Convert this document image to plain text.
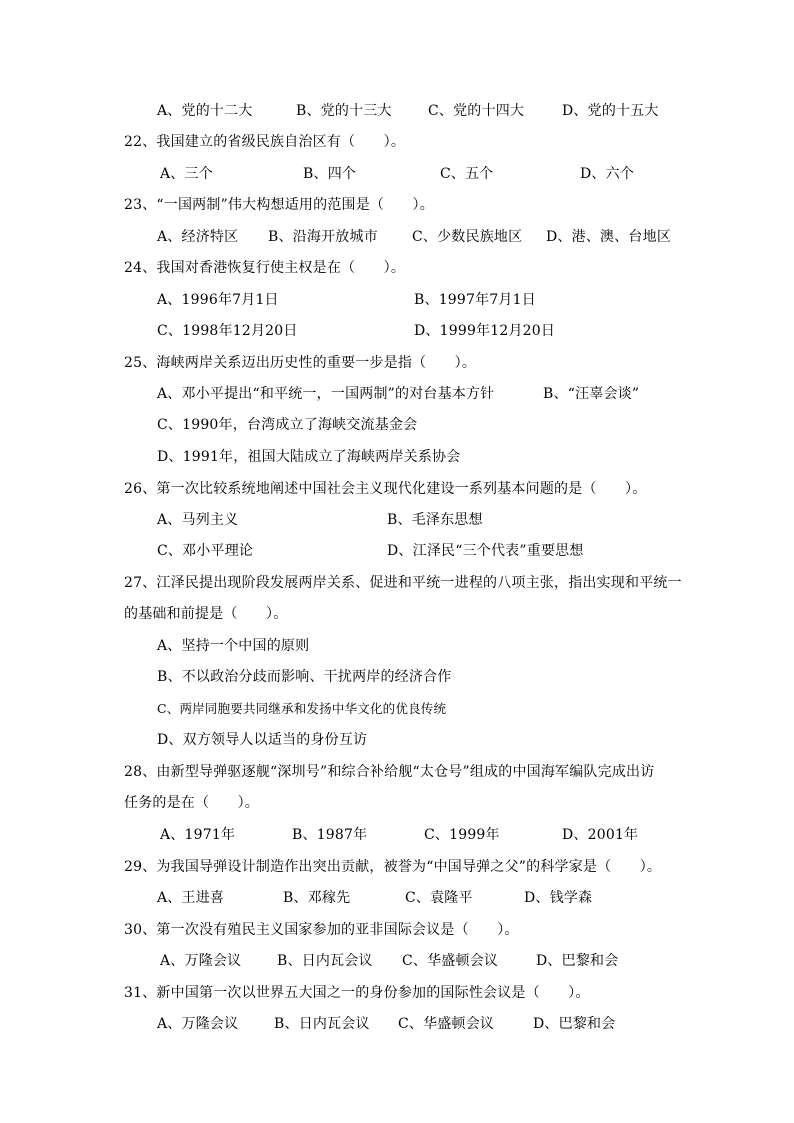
A、党的十二大	B、党的十三大	C、党的十四大	D、党的十五大
22、我国建立的省级民族自治区有（　　）。
A、三个	B、四个	C、五个	D、六个
23、“一国两制”伟大构想适用的范围是（　　）。
A、经济特区 B、沿海开放城市 C、少数民族地区 D、港、澳、台地区
24、我国对香港恢复行使主权是在（　　）。
A、1996年7月1日	B、1997年7月1日
C、1998年12月20日	D、1999年12月20日
25、海峡两岸关系迈出历史性的重要一步是指（　　）。
A、邓小平提出“和平统一，一国两制”的对台基本方针	B、“汪辜会谈”
C、1990年，台湾成立了海峡交流基金会
D、1991年，祖国大陆成立了海峡两岸关系协会
26、第一次比较系统地阐述中国社会主义现代化建设一系列基本问题的是（　　）。
A、马列主义	B、毛泽东思想
C、邓小平理论	D、江泽民“三个代表”重要思想
27、江泽民提出现阶段发展两岸关系、促进和平统一进程的八项主张，指出实现和平统一
的基础和前提是（　　）。
A、坚持一个中国的原则
B、不以政治分歧而影响、干扰两岸的经济合作
C、两岸同胞要共同继承和发扬中华文化的优良传统
D、双方领导人以适当的身份互访
28、由新型导弹驱逐舰“深圳号”和综合补给舰“太仓号”组成的中国海军编队完成出访
任务的是在（　　）。
A、1971年	B、1987年	C、1999年	D、2001年
29、为我国导弹设计制造作出突出贡献，被誉为“中国导弹之父”的科学家是（　　）。
A、王进喜	B、邓稼先	C、袁隆平	D、钱学森
30、第一次没有殖民主义国家参加的亚非国际会议是（　　）。
A、万隆会议	B、日内瓦会议 C、华盛顿会议	D、巴黎和会
31、新中国第一次以世界五大国之一的身份参加的国际性会议是（　　）。
A、万隆会议	B、日内瓦会议 C、华盛顿会议	D、巴黎和会
